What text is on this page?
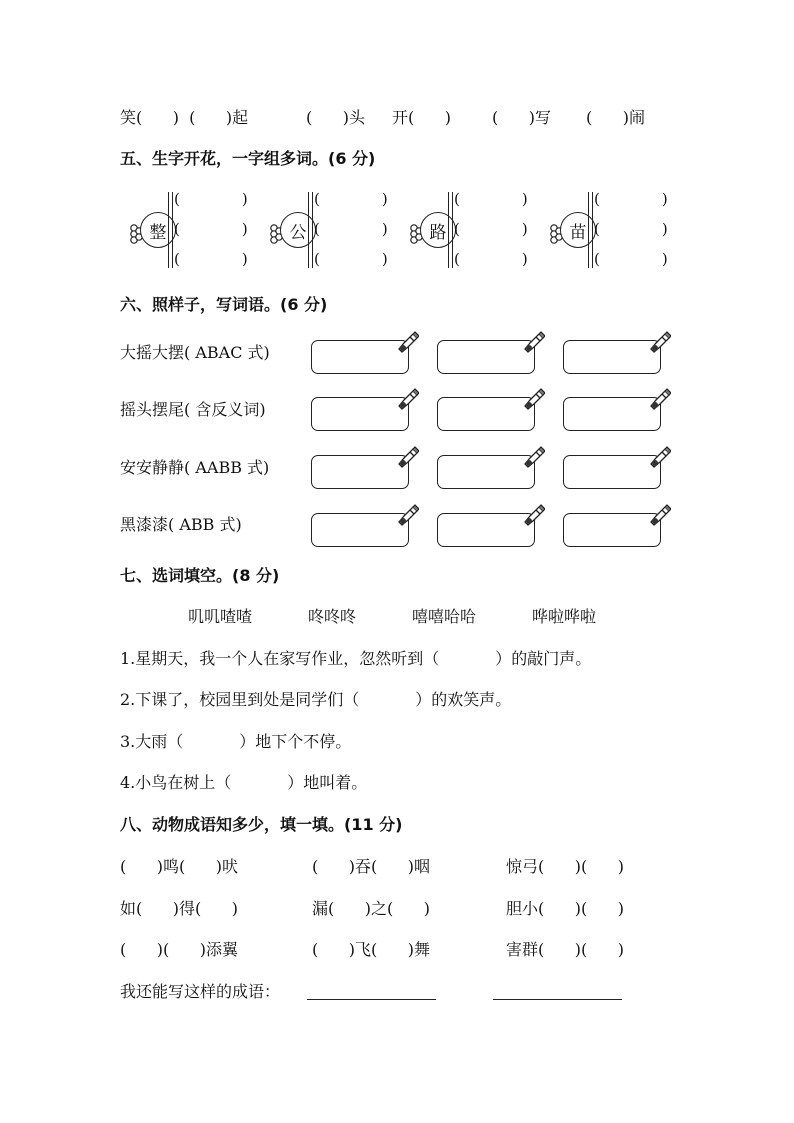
笑(      )  (      )起	(      )头 开(      )	(      )写 (      )闹
五、生字开花，一字组多词。(6 分)
整
(             )
(             )
(             )
公
(             )
(             )
(             )
路
(             )
(             )
(             )
苗
(             )
(             )
(             )
六、照样子，写词语。(6 分)
大摇大摆( ABAC 式)
摇头摆尾( 含反义词)
安安静静( AABB 式)
黑漆漆( ABB 式)
七、选词填空。(8 分)
叽叽喳喳	咚咚咚	嘻嘻哈哈	哗啦哗啦
1.星期天，我一个人在家写作业，忽然听到（           ）的敲门声。
2.下课了，校园里到处是同学们（           ）的欢笑声。
3.大雨（           ）地下个不停。
4.小鸟在树上（           ）地叫着。
八、动物成语知多少，填一填。(11 分)
(      )鸣(      )吠	(      )吞(      )咽	惊弓(      )(      )
如(      )得(      )	漏(      )之(      )	胆小(      )(      )
(      )(      )添翼	(      )飞(      )舞	害群(      )(      )
我还能写这样的成语：
